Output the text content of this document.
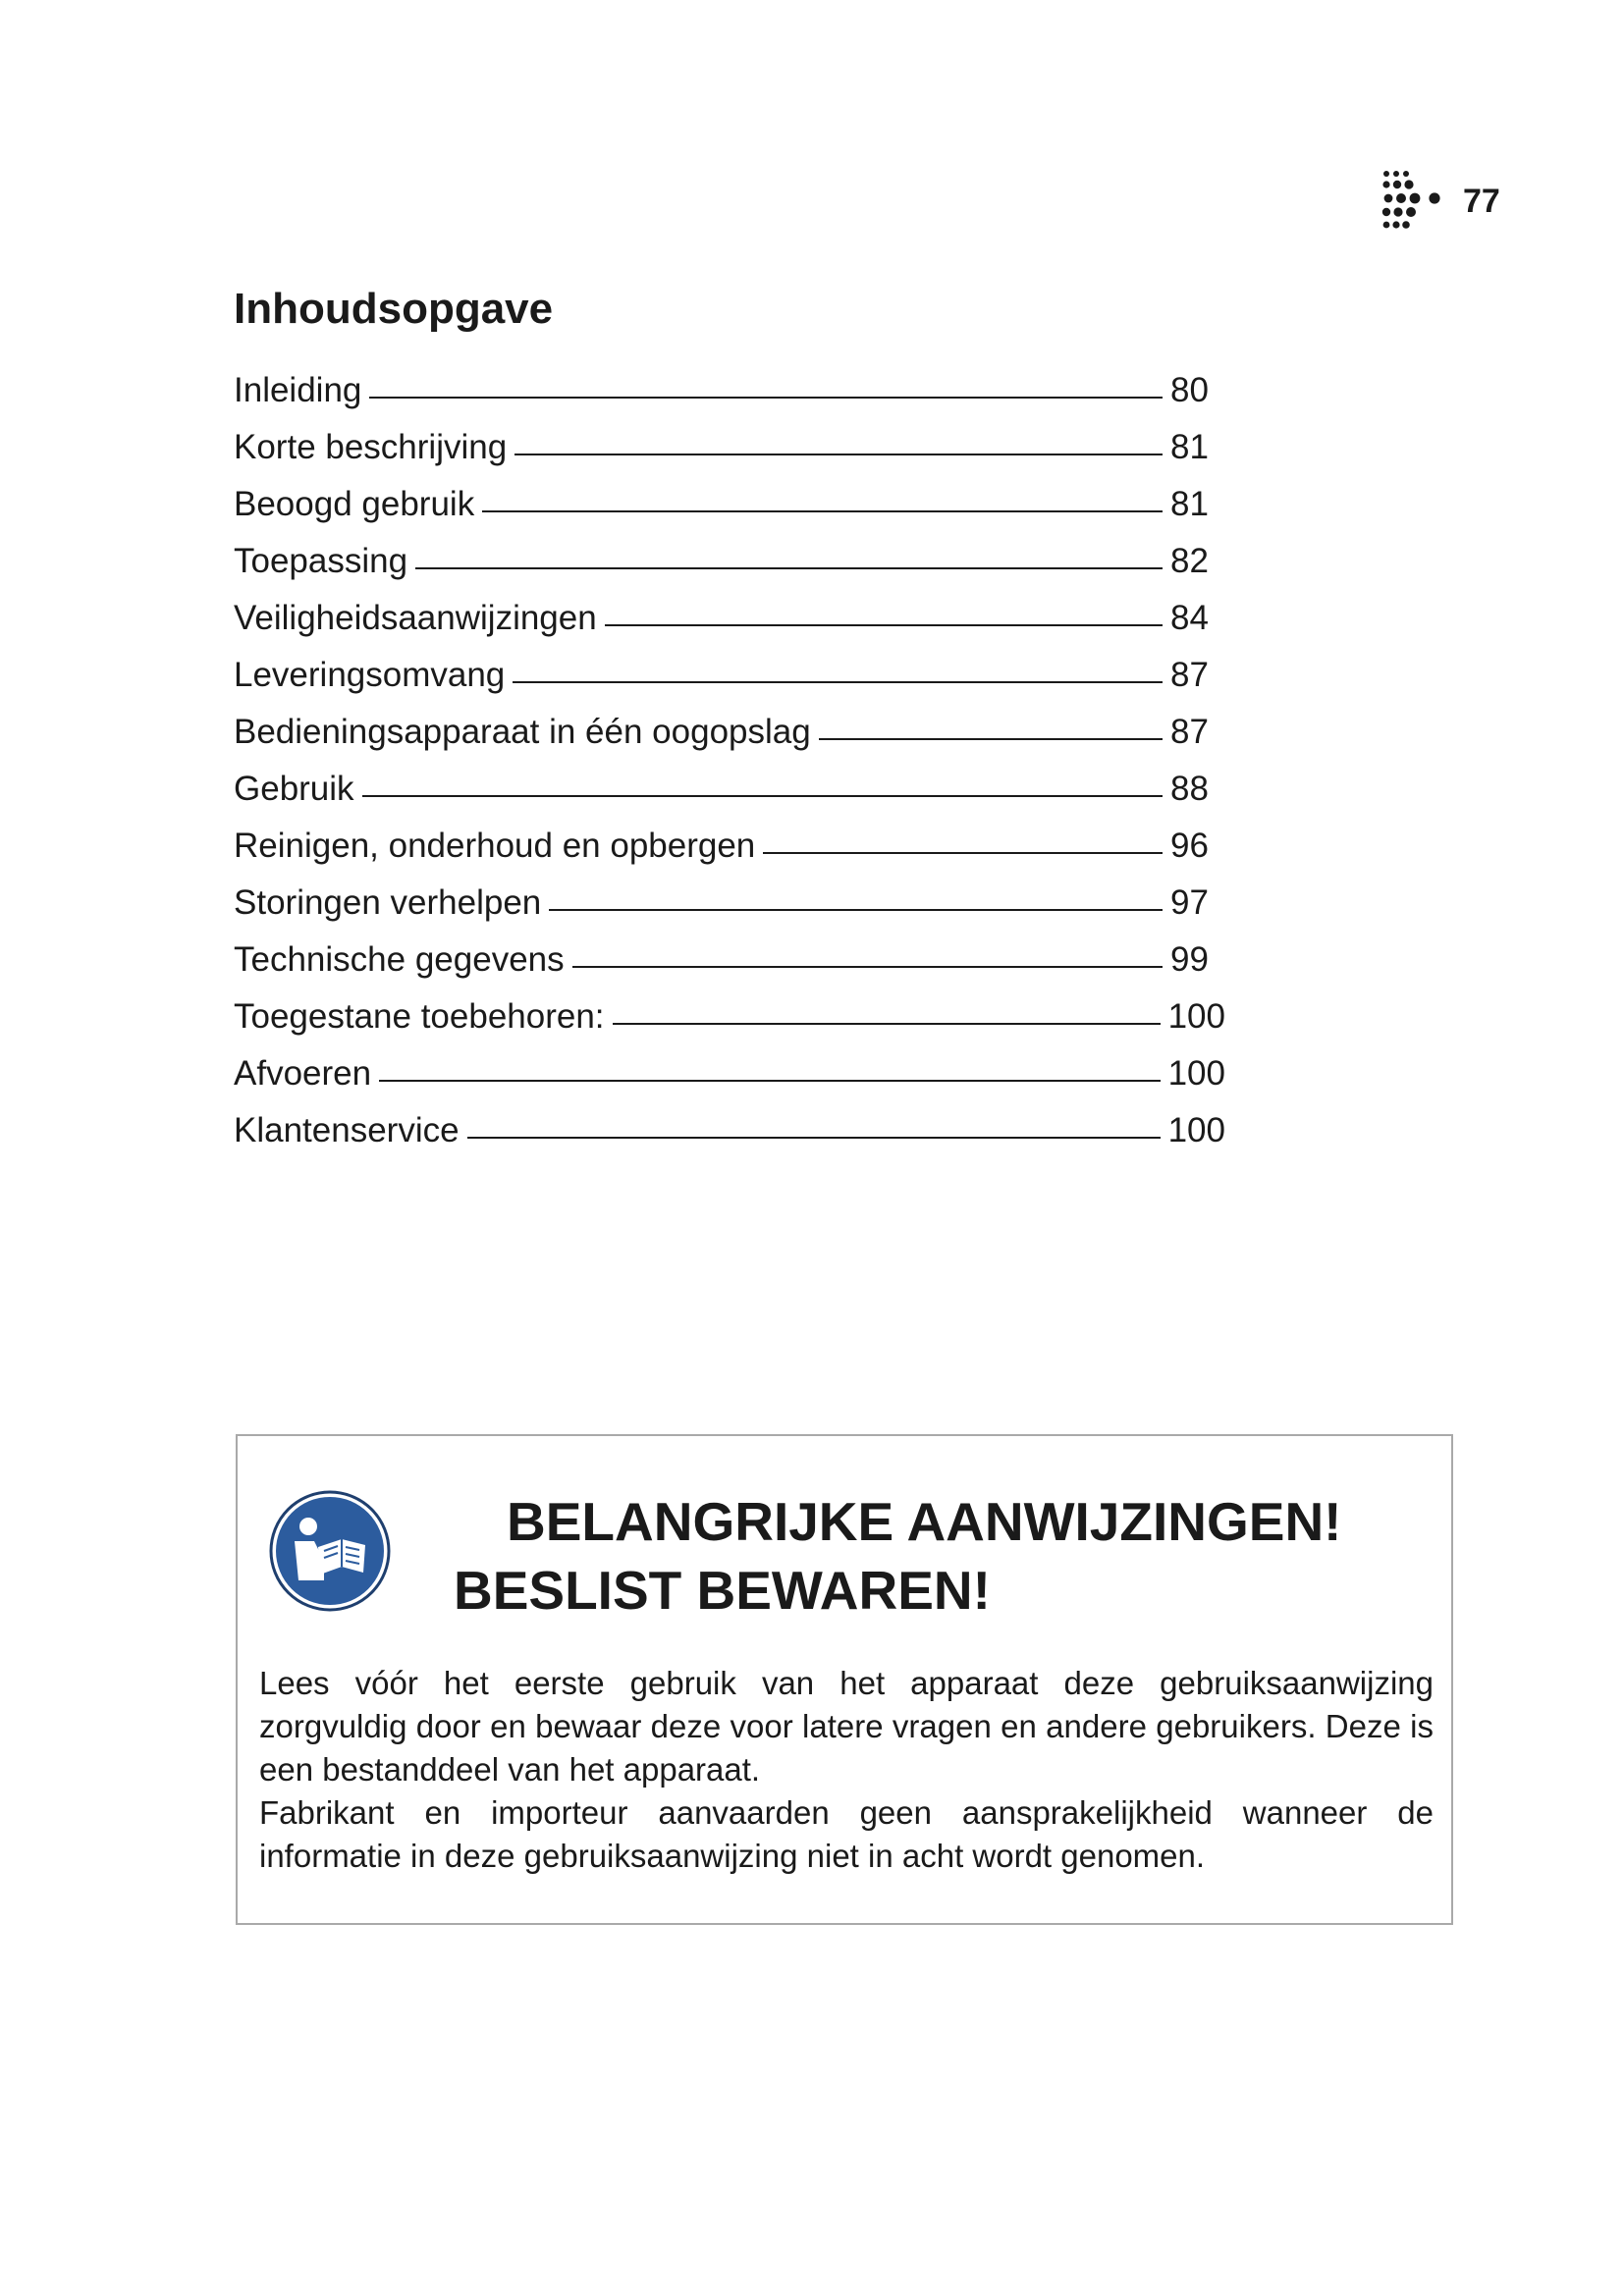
77
Inhoudsopgave
Inleiding	80
Korte beschrijving	81
Beoogd gebruik	81
Toepassing	82
Veiligheidsaanwijzingen	84
Leveringsomvang	87
Bedieningsapparaat in één oogopslag	87
Gebruik	88
Reinigen, onderhoud en opbergen	96
Storingen verhelpen	97
Technische gegevens	99
Toegestane toebehoren:	100
Afvoeren	100
Klantenservice	100
BELANGRIJKE AANWIJZINGEN!
BESLIST BEWAREN!

Lees vóór het eerste gebruik van het apparaat deze gebruiksaanwijzing zorgvuldig door en bewaar deze voor latere vragen en andere gebruikers. Deze is een bestanddeel van het apparaat.

Fabrikant en importeur aanvaarden geen aansprakelijkheid wanneer de informatie in deze gebruiksaanwijzing niet in acht wordt genomen.
